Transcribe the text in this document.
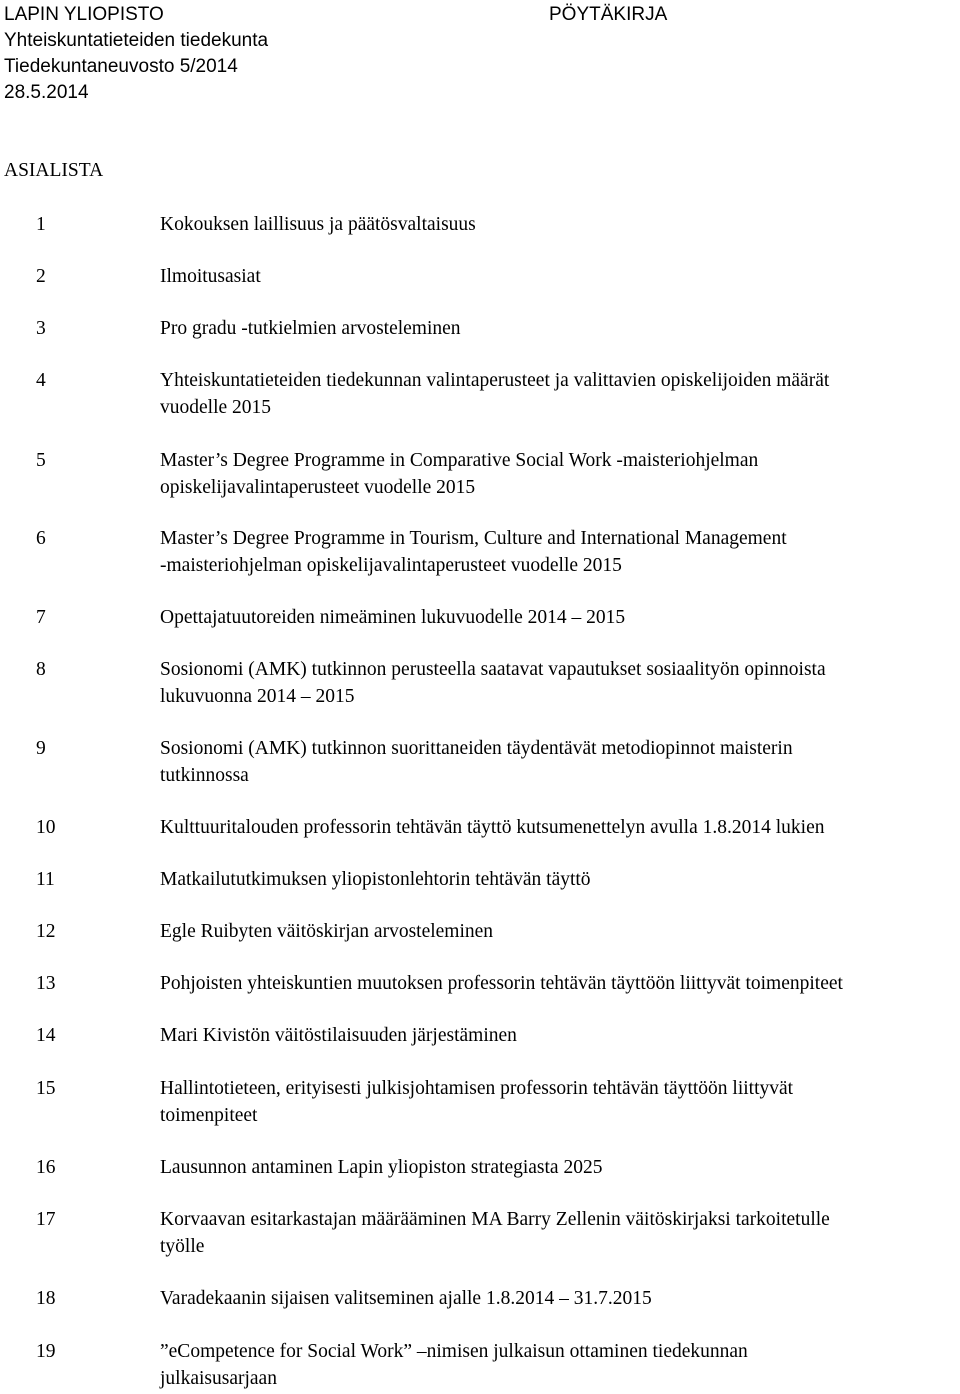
LAPIN YLIOPISTO
Yhteiskuntatieteiden tiedekunta
Tiedekuntaneuvosto 5/2014
28.5.2014
PÖYTÄKIRJA
ASIALISTA
1	Kokouksen laillisuus ja päätösvaltaisuus
2	Ilmoitusasiat
3	Pro gradu -tutkielmien arvosteleminen
4	Yhteiskuntatieteiden tiedekunnan valintaperusteet ja valittavien opiskelijoiden määrät
vuodelle 2015
5	Master’s Degree Programme in Comparative Social Work -maisteriohjelman
opiskelijavalintaperusteet vuodelle 2015
6	Master’s Degree Programme in Tourism, Culture and International Management
-maisteriohjelman opiskelijavalintaperusteet vuodelle 2015
7	Opettajatuutoreiden nimeäminen lukuvuodelle 2014 – 2015
8	Sosionomi (AMK) tutkinnon perusteella saatavat vapautukset sosiaalityön opinnoista
lukuvuonna 2014 – 2015
9	Sosionomi (AMK) tutkinnon suorittaneiden täydentävät metodiopinnot maisterin
tutkinnossa
10	Kulttuuritalouden professorin tehtävän täyttö kutsumenettelyn avulla 1.8.2014 lukien
11	Matkailututkimuksen yliopistonlehtorin tehtävän täyttö
12	Egle Ruibyten väitöskirjan arvosteleminen
13	Pohjoisten yhteiskuntien muutoksen professorin tehtävän täyttöön liittyvät toimenpiteet
14	Mari Kivistön väitöstilaisuuden järjestäminen
15	Hallintotieteen, erityisesti julkisjohtamisen professorin tehtävän täyttöön liittyvät
toimenpiteet
16	Lausunnon antaminen Lapin yliopiston strategiasta 2025
17	Korvaavan esitarkastajan määrääminen MA Barry Zellenin väitöskirjaksi tarkoitetulle
työlle
18	Varadekaanin sijaisen valitseminen ajalle 1.8.2014 – 31.7.2015
19	”eCompetence for Social Work” –nimisen julkaisun ottaminen tiedekunnan
julkaisusarjaan
